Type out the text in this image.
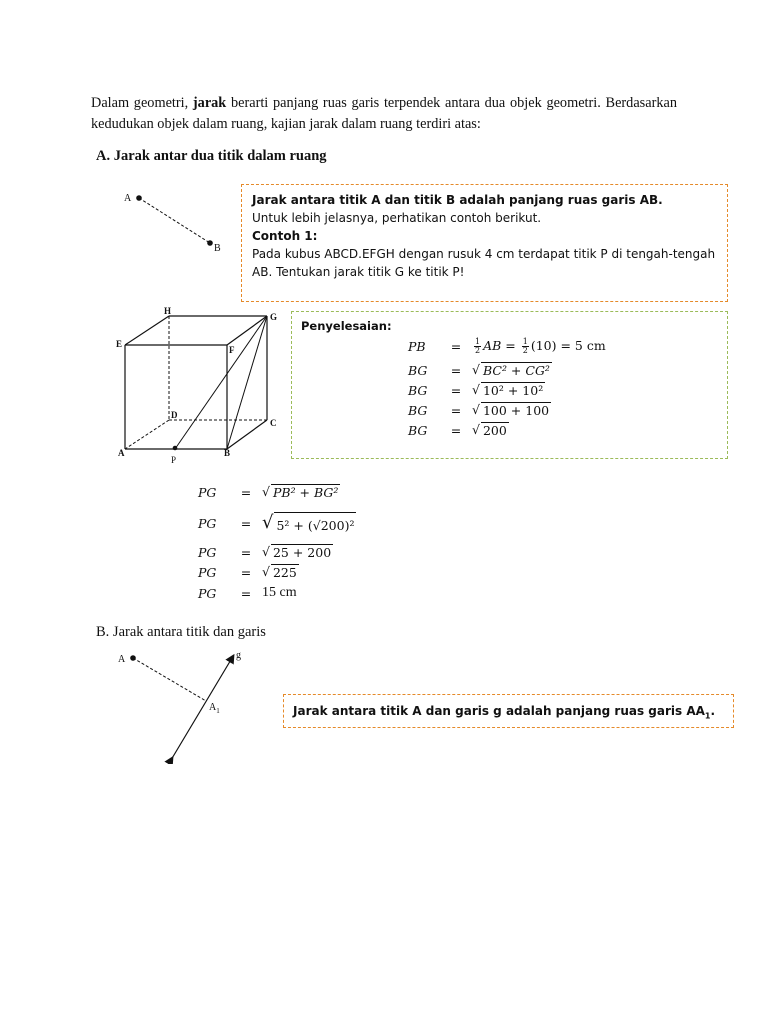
Dalam geometri, jarak berarti panjang ruas garis terpendek antara dua objek geometri. Berdasarkan kedudukan objek dalam ruang, kajian jarak dalam ruang terdiri atas:
A. Jarak antar dua titik dalam ruang
A
B
Jarak antara titik A dan titik B adalah panjang ruas garis AB.
Untuk lebih jelasnya, perhatikan contoh berikut.
Contoh 1:
Pada kubus ABCD.EFGH dengan rusuk 4 cm terdapat titik P di tengah-tengah AB. Tentukan jarak titik G ke titik P!
H
G
E
F
D
C
A	B
P
Penyelesaian:
PB	=	$\frac{1}{2}$ AB = $\frac{1}{2} (10) = 5$ cm
BG	= √ BC² + CG²
BG	= √ 10² + 10²
BG	= √ 100 + 100
BG	= √ 200
PG	= √ PB² + BG²
PG	= √ 5² + (√200)²
PG	= √ 25 + 200
PG	= √ 225
PG	= 15 cm
B. Jarak antara titik dan garis
A	g
$A_1$	Jarak antara titik A dan garis g adalah panjang ruas garis $AA_1$.
